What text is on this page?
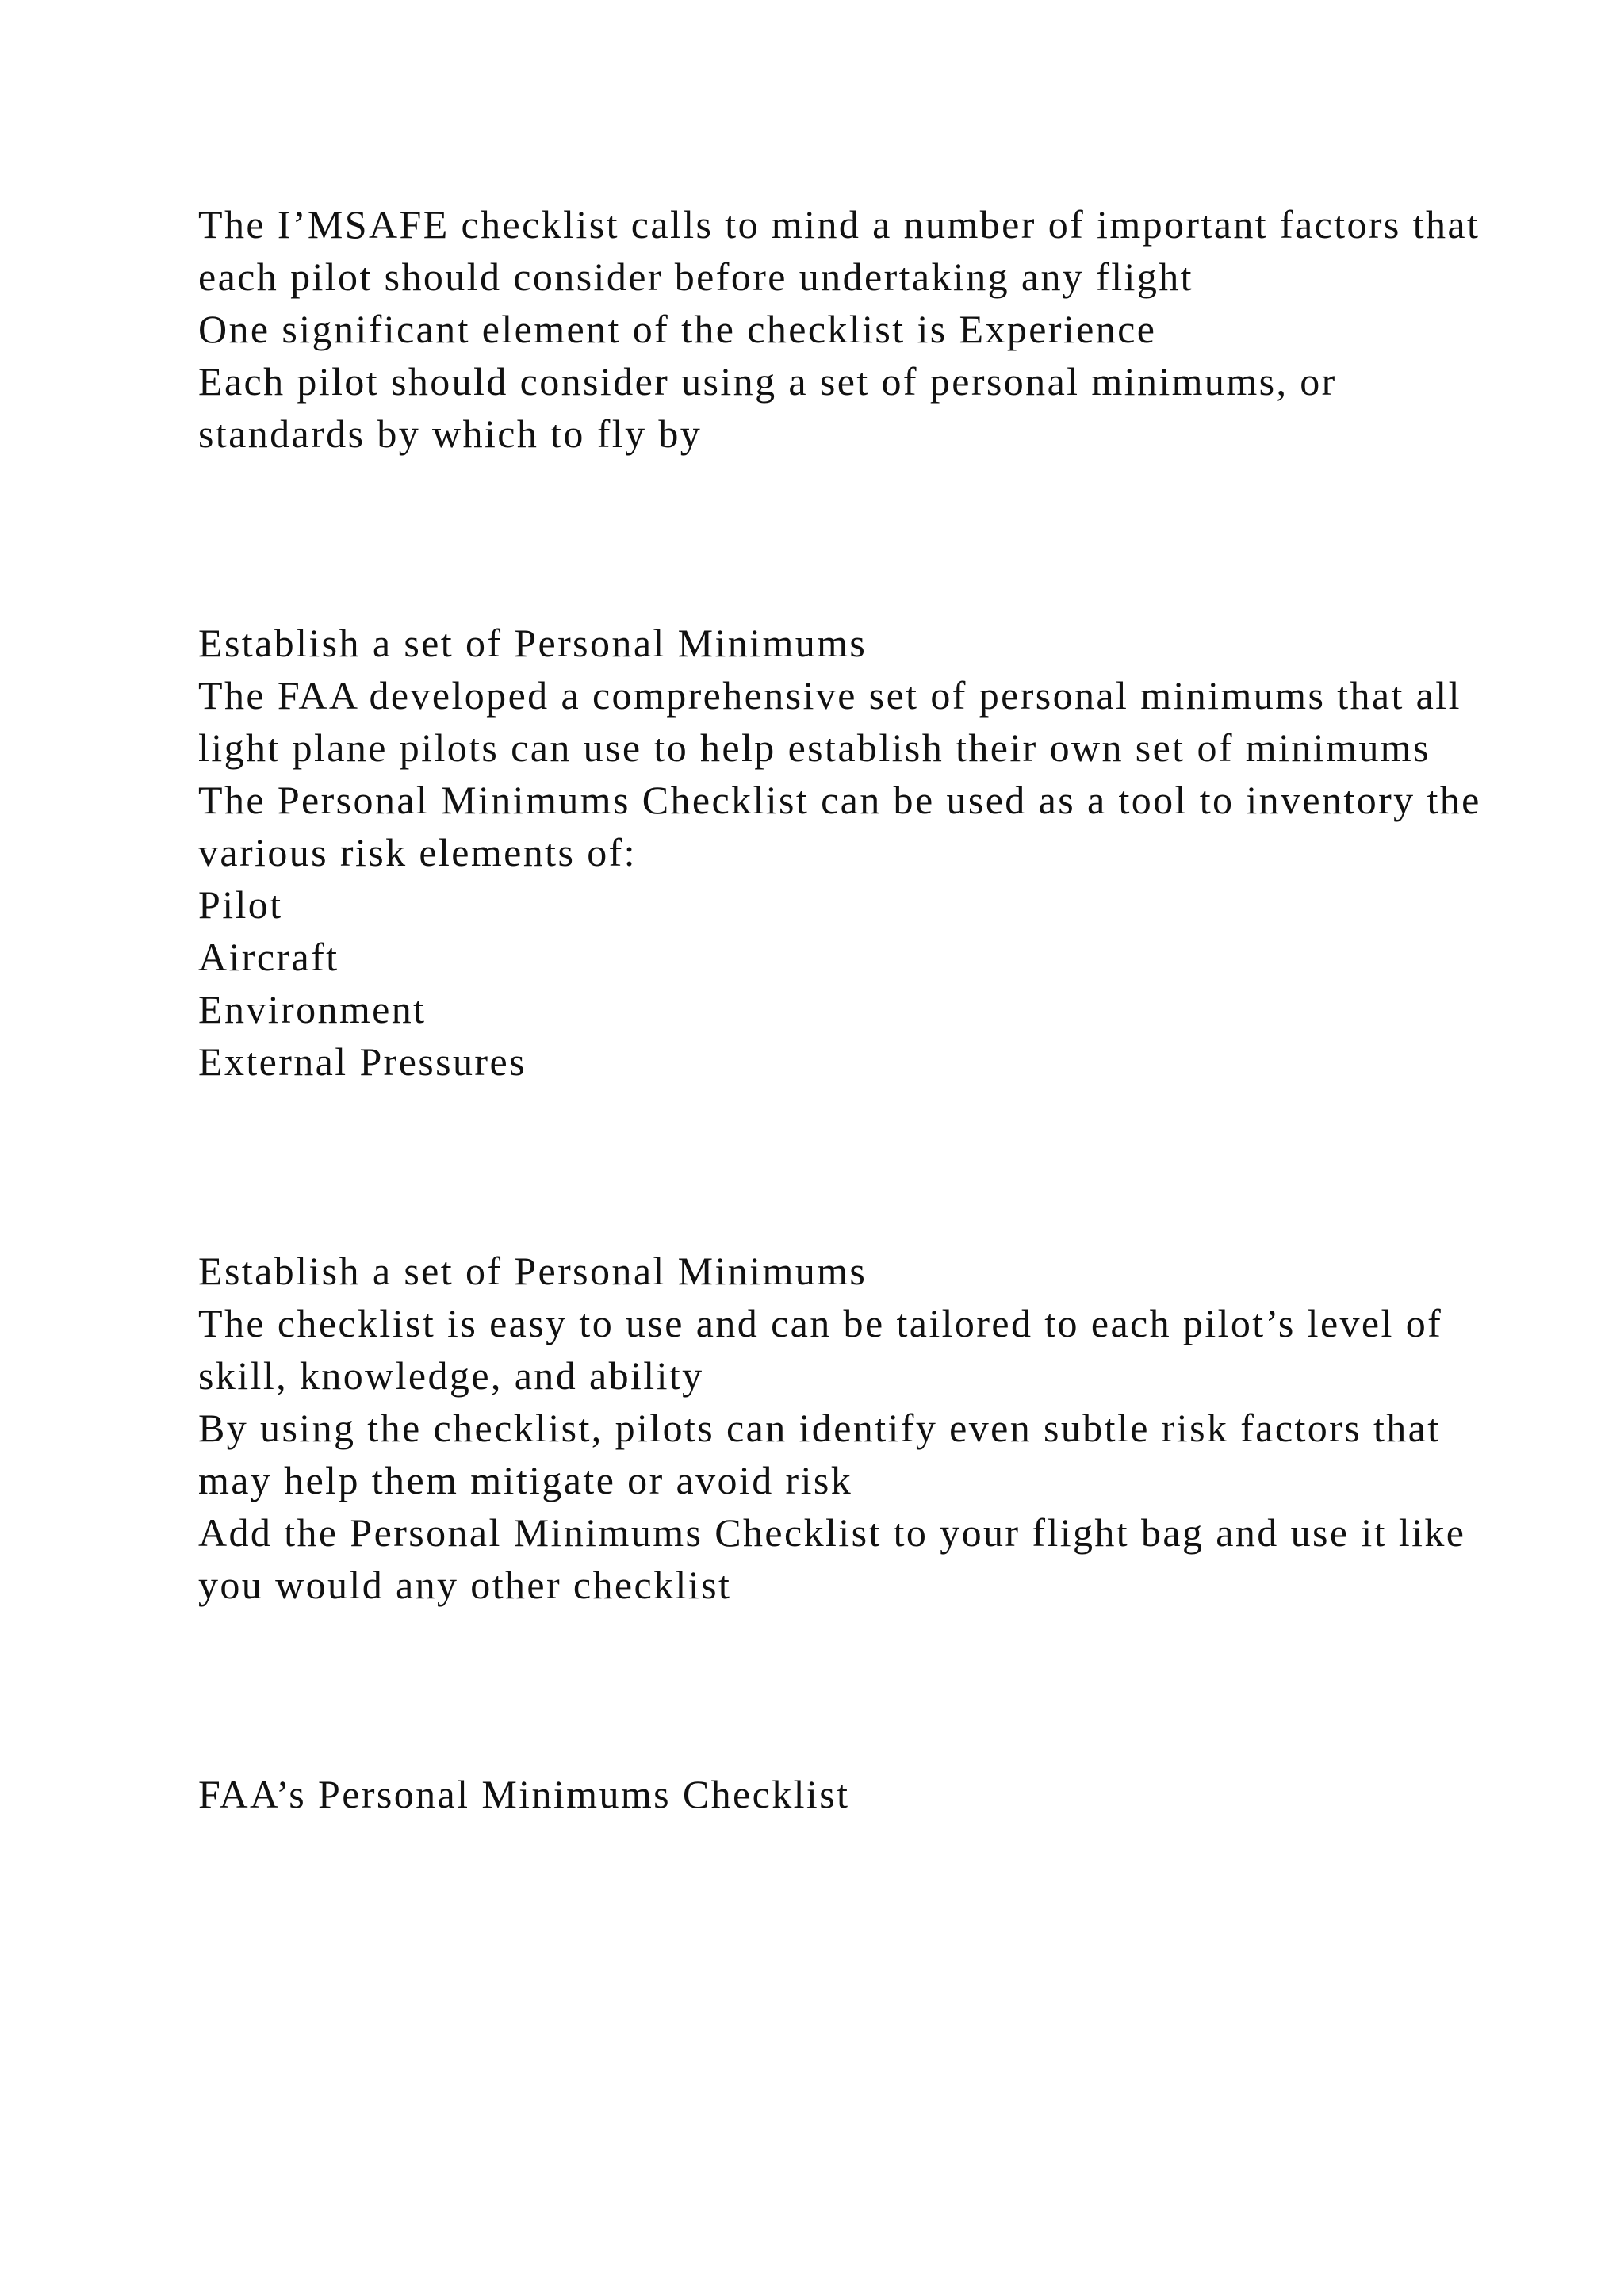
The I’MSAFE checklist calls to mind a number of important factors that each pilot should consider before undertaking any flight

One significant element of the checklist is Experience

Each pilot should consider using a set of personal minimums, or standards by which to fly by

Establish a set of Personal Minimums

The FAA developed a comprehensive set of personal minimums that all light plane pilots can use to help establish their own set of minimums

The Personal Minimums Checklist can be used as a tool to inventory the various risk elements of:

Pilot

Aircraft

Environment

External Pressures

Establish a set of Personal Minimums

The checklist is easy to use and can be tailored to each pilot’s level of skill, knowledge, and ability

By using the checklist, pilots can identify even subtle risk factors that may help them mitigate or avoid risk

Add the Personal Minimums Checklist to your flight bag and use it like you would any other checklist

FAA’s Personal Minimums Checklist
